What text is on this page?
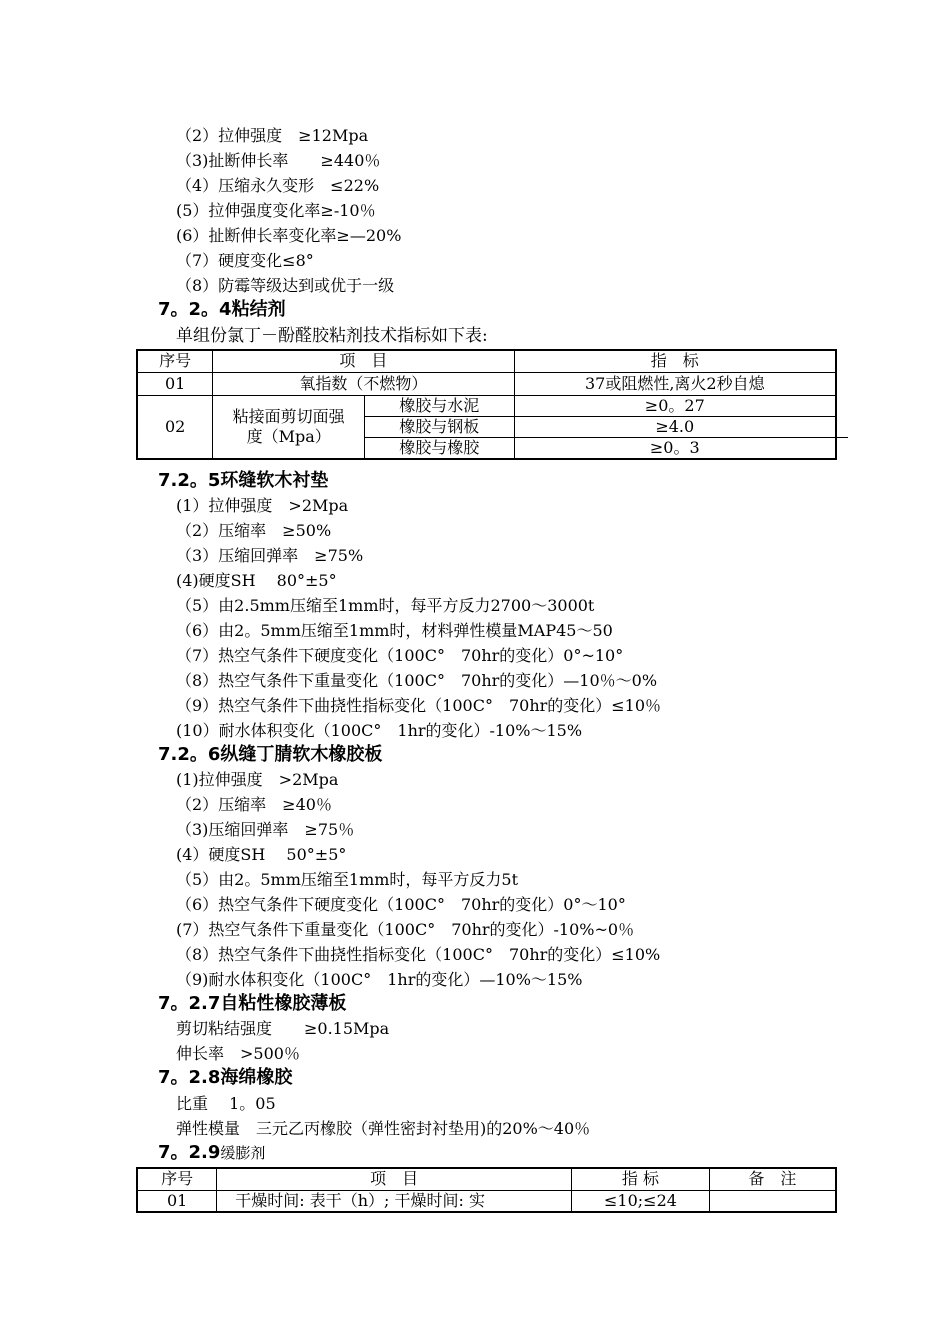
（2）拉伸强度　≥12Mpa
（3)扯断伸长率　　≥440％
（4）压缩永久变形　≤22%
(5）拉伸强度变化率≥-10％
(6）扯断伸长率变化率≥—20%
（7）硬度变化≤8°
（8）防霉等级达到或优于一级
7。2。4粘结剂
单组份氯丁－酚醛胶粘剂技术指标如下表:
序号	项　目		指　标
01	氧指数（不燃物）		37或阻燃性,离火2秒自熄
02	粘接面剪切面强度（Mpa）	橡胶与水泥	≥0。27
		橡胶与钢板	≥4.0
		橡胶与橡胶	≥0。3
7.2。5环缝软木衬垫
(1）拉伸强度　>2Mpa
（2）压缩率　≥50%
（3）压缩回弹率　≥75%
(4)硬度SH　 80°±5°
（5）由2.5mm压缩至1mm时，每平方反力2700～3000t
（6）由2。5mm压缩至1mm时，材料弹性模量MAP45～50
（7）热空气条件下硬度变化（100C°　70hr的变化）0°~10°
（8）热空气条件下重量变化（100C°　70hr的变化）—10％～0%
（9）热空气条件下曲挠性指标变化（100C°　70hr的变化）≤10％
(10）耐水体积变化（100C°　1hr的变化）-10%～15%
7.2。6纵缝丁腈软木橡胶板
(1)拉伸强度　>2Mpa
（2）压缩率　≥40％
（3)压缩回弹率　≥75％
(4）硬度SH　 50°±5°
（5）由2。5mm压缩至1mm时，每平方反力5t
（6）热空气条件下硬度变化（100C°　70hr的变化）0°～10°
(7）热空气条件下重量变化（100C°　70hr的变化）-10%~0％
（8）热空气条件下曲挠性指标变化（100C°　70hr的变化）≤10%
（9)耐水体积变化（100C°　1hr的变化）—10%～15%
7。2.7自粘性橡胶薄板
剪切粘结强度　　≥0.15Mpa
伸长率　>500％
7。2.8海绵橡胶
比重　 1。05
弹性模量　三元乙丙橡胶（弹性密封衬垫用)的20%～40％
7。2.9缓膨剂
序号	项　目	指 标	备　注
01	干燥时间: 表干（h）; 干燥时间: 实	≤10;≤24	
